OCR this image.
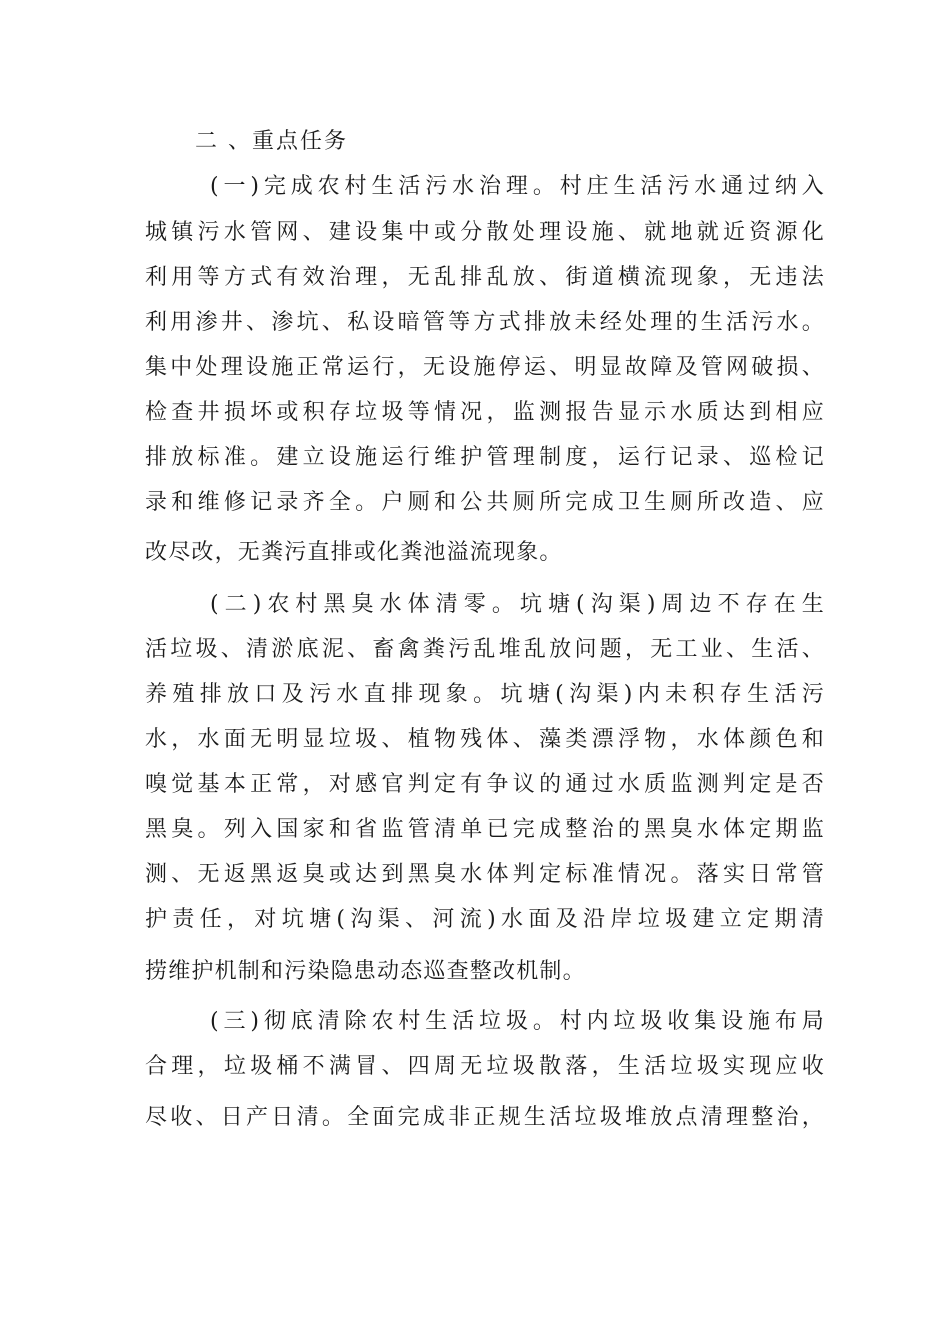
二 、重点任务
(一)完成农村生活污水治理。村庄生活污水通过纳入
城镇污水管网、建设集中或分散处理设施、就地就近资源化
利用等方式有效治理，无乱排乱放、街道横流现象，无违法
利用渗井、渗坑、私设暗管等方式排放未经处理的生活污水。
集中处理设施正常运行，无设施停运、明显故障及管网破损、
检查井损坏或积存垃圾等情况，监测报告显示水质达到相应
排放标准。建立设施运行维护管理制度，运行记录、巡检记
录和维修记录齐全。户厕和公共厕所完成卫生厕所改造、应
改尽改，无粪污直排或化粪池溢流现象。
(二)农村黑臭水体清零。坑塘(沟渠)周边不存在生
活垃圾、清淤底泥、畜禽粪污乱堆乱放问题，无工业、生活、
养殖排放口及污水直排现象。坑塘(沟渠)内未积存生活污
水，水面无明显垃圾、植物残体、藻类漂浮物，水体颜色和
嗅觉基本正常，对感官判定有争议的通过水质监测判定是否
黑臭。列入国家和省监管清单已完成整治的黑臭水体定期监
测、无返黑返臭或达到黑臭水体判定标准情况。落实日常管
护责任，对坑塘(沟渠、河流)水面及沿岸垃圾建立定期清
捞维护机制和污染隐患动态巡查整改机制。
(三)彻底清除农村生活垃圾。村内垃圾收集设施布局
合理，垃圾桶不满冒、四周无垃圾散落，生活垃圾实现应收
尽收、日产日清。全面完成非正规生活垃圾堆放点清理整治，
